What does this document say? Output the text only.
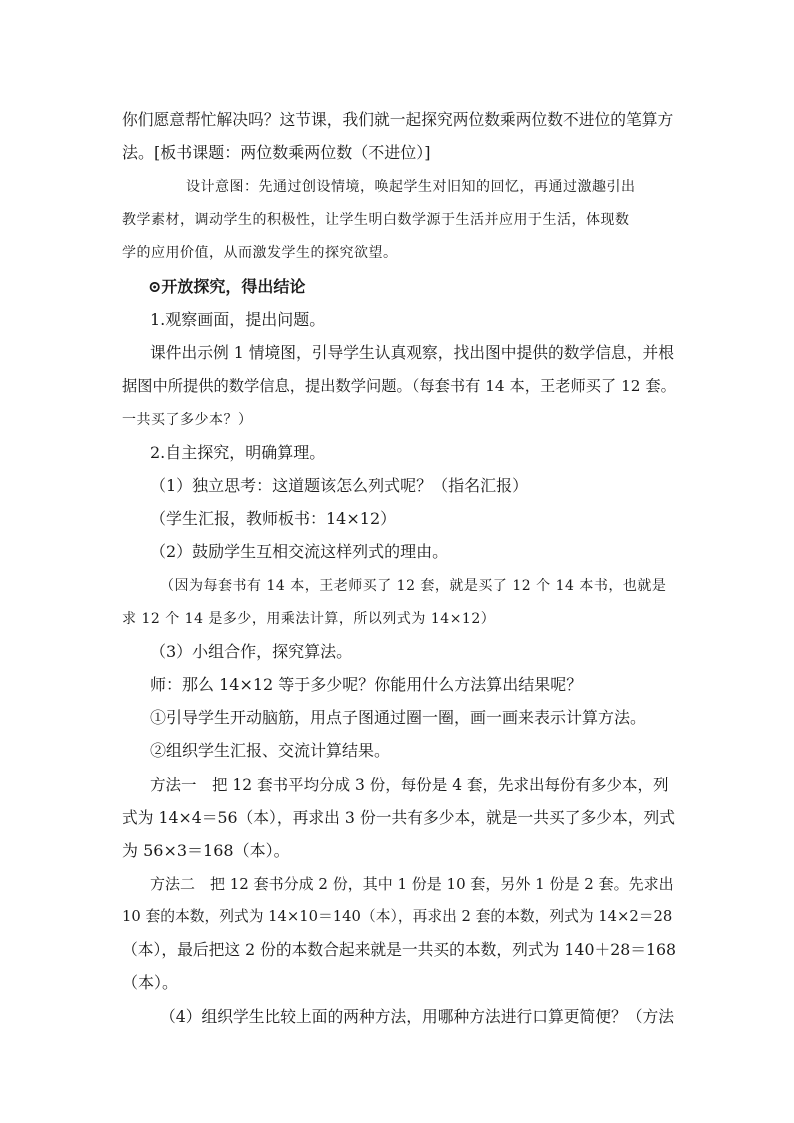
你们愿意帮忙解决吗？这节课，我们就一起探究两位数乘两位数不进位的笔算方
法。[板书课题：两位数乘两位数（不进位）]
设计意图：先通过创设情境，唤起学生对旧知的回忆，再通过激趣引出
教学素材，调动学生的积极性，让学生明白数学源于生活并应用于生活，体现数
学的应用价值，从而激发学生的探究欲望。
⊙开放探究，得出结论
1.观察画面，提出问题。
课件出示例 1 情境图，引导学生认真观察，找出图中提供的数学信息，并根
据图中所提供的数学信息，提出数学问题。（每套书有 14 本，王老师买了 12 套。
一共买了多少本？）
2.自主探究，明确算理。
（1）独立思考：这道题该怎么列式呢？（指名汇报）
（学生汇报，教师板书：14×12）
（2）鼓励学生互相交流这样列式的理由。
（因为每套书有 14 本，王老师买了 12 套，就是买了 12 个 14 本书，也就是
求 12 个 14 是多少，用乘法计算，所以列式为 14×12）
（3）小组合作，探究算法。
师：那么 14×12 等于多少呢？你能用什么方法算出结果呢？
①引导学生开动脑筋，用点子图通过圈一圈，画一画来表示计算方法。
②组织学生汇报、交流计算结果。
方法一　把 12 套书平均分成 3 份，每份是 4 套，先求出每份有多少本，列
式为 14×4＝56（本），再求出 3 份一共有多少本，就是一共买了多少本，列式
为 56×3＝168（本）。
方法二　把 12 套书分成 2 份，其中 1 份是 10 套，另外 1 份是 2 套。先求出
10 套的本数，列式为 14×10＝140（本），再求出 2 套的本数，列式为 14×2＝28
（本），最后把这 2 份的本数合起来就是一共买的本数，列式为 140＋28＝168
（本）。
（4）组织学生比较上面的两种方法，用哪种方法进行口算更简便？（方法
